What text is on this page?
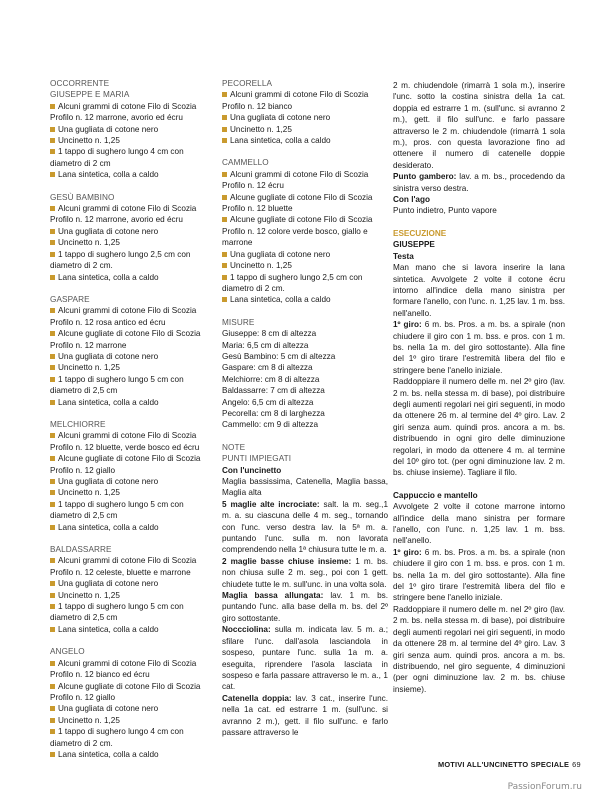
OCCORRENTE
GIUSEPPE E MARIA
Alcuni grammi di cotone Filo di Scozia Profilo n. 12 marrone, avorio ed écru
Una gugliata di cotone nero
Uncinetto n. 1,25
1 tappo di sughero lungo 4 cm con diametro di 2 cm
Lana sintetica, colla a caldo
GESÙ BAMBINO
Alcuni grammi di cotone Filo di Scozia Profilo n. 12 marrone, avorio ed écru
Una gugliata di cotone nero
Uncinetto n. 1,25
1 tappo di sughero lungo 2,5 cm con diametro di 2 cm.
Lana sintetica, colla a caldo
GASPARE
Alcuni grammi di cotone Filo di Scozia Profilo n. 12 rosa antico ed écru
Alcune gugliate di cotone Filo di Scozia Profilo n. 12 marrone
Una gugliata di cotone nero
Uncinetto n. 1,25
1 tappo di sughero lungo 5 cm con diametro di 2,5 cm
Lana sintetica, colla a caldo
MELCHIORRE
Alcuni grammi di cotone Filo di Scozia Profilo n. 12 bluette, verde bosco ed écru
Alcune gugliate di cotone Filo di Scozia Profilo n. 12 giallo
Una gugliata di cotone nero
Uncinetto n. 1,25
1 tappo di sughero lungo 5 cm con diametro di 2,5 cm
Lana sintetica, colla a caldo
BALDASSARRE
Alcuni grammi di cotone Filo di Scozia Profilo n. 12 celeste, bluette e marrone
Una gugliata di cotone nero
Uncinetto n. 1,25
1 tappo di sughero lungo 5 cm con diametro di 2,5 cm
Lana sintetica, colla a caldo
ANGELO
Alcuni grammi di cotone Filo di Scozia Profilo n. 12 bianco ed écru
Alcune gugliate di cotone Filo di Scozia Profilo n. 12 giallo
Una gugliata di cotone nero
Uncinetto n. 1,25
1 tappo di sughero lungo 4 cm con diametro di 2 cm.
Lana sintetica, colla a caldo
PECORELLA
Alcuni grammi di cotone Filo di Scozia Profilo n. 12 bianco
Una gugliata di cotone nero
Uncinetto n. 1,25
Lana sintetica, colla a caldo
CAMMELLO
Alcuni grammi di cotone Filo di Scozia Profilo n. 12 écru
Alcune gugliate di cotone Filo di Scozia Profilo n. 12 bluette
Alcune gugliate di cotone Filo di Scozia Profilo n. 12 colore verde bosco, giallo e marrone
Una gugliata di cotone nero
Uncinetto n. 1,25
1 tappo di sughero lungo 2,5 cm con diametro di 2 cm.
Lana sintetica, colla a caldo
MISURE
Giuseppe: 8 cm di altezza
Maria: 6,5 cm di altezza
Gesù Bambino: 5 cm di altezza
Gaspare: cm 8 di altezza
Melchiorre: cm 8 di altezza
Baldassarre: 7 cm di altezza
Angelo: 6,5 cm di altezza
Pecorella: cm 8 di larghezza
Cammello: cm 9 di altezza
NOTE
PUNTI IMPIEGATI
Con l'uncinetto
Maglia bassissima, Catenella, Maglia bassa, Maglia alta
5 maglie alte incrociate: salt. la m. seg.,1 m. a. su ciascuna delle 4 m. seg., tornando con l'unc. verso destra lav. la 5ª m. a. puntando l'unc. sulla m. non lavorata comprendendo nella 1ª chiusura tutte le m. a.
2 maglie basse chiuse insieme: 1 m. bs. non chiusa sulle 2 m. seg., poi con 1 gett. chiudete tutte le m. sull'unc. in una volta sola.
Maglia bassa allungata: lav. 1 m. bs. puntando l'unc. alla base della m. bs. del 2º giro sottostante.
Noccciolina: sulla m. indicata lav. 5 m. a.; sfilare l'unc. dall'asola lasciandola in sospeso, puntare l'unc. sulla 1a m. a. eseguita, riprendere l'asola lasciata in sospeso e farla passare attraverso le m. a., 1 cat.
Catenella doppia: lav. 3 cat., inserire l'unc. nella 1a cat. ed estrarre 1 m. (sull'unc. si avranno 2 m.), gett. il filo sull'unc. e farlo passare attraverso le
2 m. chiudendole (rimarrà 1 sola m.), inserire l'unc. sotto la costina sinistra della 1a cat. doppia ed estrarre 1 m. (sull'unc. si avranno 2 m.), gett. il filo sull'unc. e farlo passare attraverso le 2 m. chiudendole (rimarrà 1 sola m.), pros. con questa lavorazione fino ad ottenere il numero di catenelle doppie desiderato.
Punto gambero: lav. a m. bs., procedendo da sinistra verso destra.
Con l'ago
Punto indietro, Punto vapore
ESECUZIONE
GIUSEPPE
Testa
Man mano che si lavora inserire la lana sintetica. Avvolgete 2 volte il cotone écru intorno all'indice della mano sinistra per formare l'anello, con l'unc. n. 1,25 lav. 1 m. bss. nell'anello.
1º giro: 6 m. bs. Pros. a m. bs. a spirale (non chiudere il giro con 1 m. bss. e pros. con 1 m. bs. nella 1a m. del giro sottostante). Alla fine del 1º giro tirare l'estremità libera del filo e stringere bene l'anello iniziale.
Raddoppiare il numero delle m. nel 2º giro (lav. 2 m. bs. nella stessa m. di base), poi distribuire degli aumenti regolari nei giri seguenti, in modo da ottenere 26 m. al termine del 4º giro. Lav. 2 giri senza aum. quindi pros. ancora a m. bs. distribuendo in ogni giro delle diminuzione regolari, in modo da ottenere 4 m. al termine del 10º giro tot. (per ogni diminuzione lav. 2 m. bs. chiuse insieme). Tagliare il filo.
Cappuccio e mantello
Avvolgete 2 volte il cotone marrone intorno all'indice della mano sinistra per formare l'anello, con l'unc. n. 1,25 lav. 1 m. bss. nell'anello.
1º giro: 6 m. bs. Pros. a m. bs. a spirale (non chiudere il giro con 1 m. bss. e pros. con 1 m. bs. nella 1a m. del giro sottostante). Alla fine del 1º giro tirare l'estremità libera del filo e stringere bene l'anello iniziale.
Raddoppiare il numero delle m. nel 2º giro (lav. 2 m. bs. nella stessa m. di base), poi distribuire degli aumenti regolari nei giri seguenti, in modo da ottenere 28 m. al termine del 4º giro. Lav. 3 giri senza aum. quindi pros. ancora a m. bs. distribuendo, nel giro seguente, 4 diminuzioni (per ogni diminuzione lav. 2 m. bs. chiuse insieme).
MOTIVI ALL'UNCINETTO SPECIALE 69
PassionForum.ru
